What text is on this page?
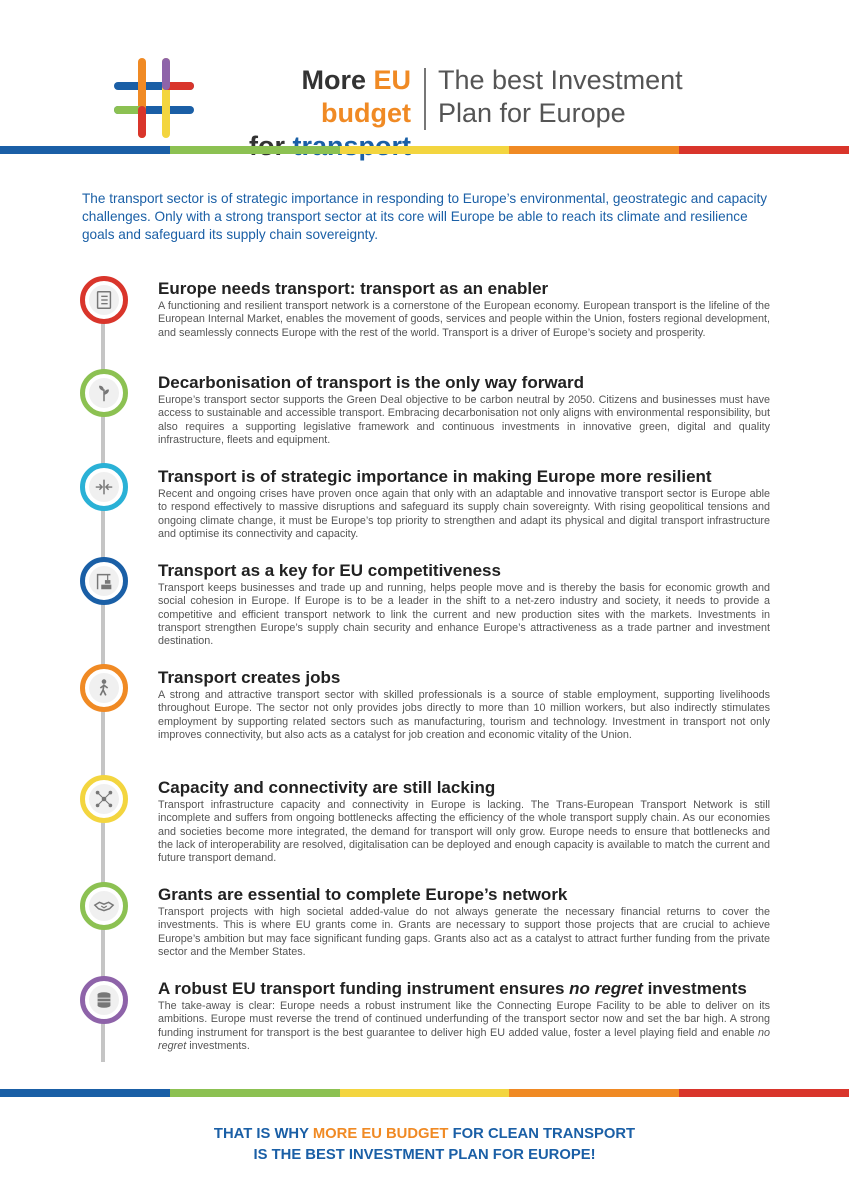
More EU budget
The best Investment
Plan for Europe

The transport sector is of strategic importance in responding to Europe’s environmental, geostrategic and capacity challenges. Only with a strong transport sector at its core will Europe be able to reach its climate and resilience goals and safeguard its supply chain sovereignty.

Europe needs transport: transport as an enabler

A functioning and resilient transport network is a cornerstone of the European economy. European transport is the lifeline of the European Internal Market, enables the movement of goods, services and people within the Union, fosters regional development, and seamlessly connects Europe with the rest of the world. Transport is a driver of Europe’s society and prosperity.

Decarbonisation of transport is the only way forward

Europe’s transport sector supports the Green Deal objective to be carbon neutral by 2050. Citizens and businesses must have access to sustainable and accessible transport. Embracing decarbonisation not only aligns with environmental responsibility, but also requires a supporting legislative framework and continuous investments in innovative green, digital and quality infrastructure, fleets and equipment.

Transport is of strategic importance in making Europe more resilient

Recent and ongoing crises have proven once again that only with an adaptable and innovative transport sector is Europe able to respond effectively to massive disruptions and safeguard its supply chain sovereignty. With rising geopolitical tensions and ongoing climate change, it must be Europe’s top priority to strengthen and adapt its physical and digital transport infrastructure and optimise its connectivity and capacity.

Transport as a key for EU competitiveness

Transport keeps businesses and trade up and running, helps people move and is thereby the basis for economic growth and social cohesion in Europe. If Europe is to be a leader in the shift to a net-zero industry and society, it needs to provide a competitive and efficient transport network to link the current and new production sites with the markets. Investments in transport strengthen Europe’s supply chain security and enhance Europe’s attractiveness as a trade partner and investment destination.

Transport creates jobs

A strong and attractive transport sector with skilled professionals is a source of stable employment, supporting livelihoods throughout Europe. The sector not only provides jobs directly to more than 10 million workers, but also indirectly stimulates employment by supporting related sectors such as manufacturing, tourism and technology. Investment in transport not only improves connectivity, but also acts as a catalyst for job creation and economic vitality of the Union.

Capacity and connectivity are still lacking

Transport infrastructure capacity and connectivity in Europe is lacking. The Trans-European Transport Network is still incomplete and suffers from ongoing bottlenecks affecting the efficiency of the whole transport supply chain. As our economies and societies become more integrated, the demand for transport will only grow. Europe needs to ensure that bottlenecks and the lack of interoperability are resolved, digitalisation can be deployed and enough capacity is available to match the current and future transport demand.

Grants are essential to complete Europe’s network

Transport projects with high societal added-value do not always generate the necessary financial returns to cover the investments. This is where EU grants come in. Grants are necessary to support those projects that are crucial to achieve Europe’s ambition but may face significant funding gaps. Grants also act as a catalyst to attract further funding from the private sector and the Member States.

A robust EU transport funding instrument ensures no regret investments

The take-away is clear: Europe needs a robust instrument like the Connecting Europe Facility to be able to deliver on its ambitions. Europe must reverse the trend of continued underfunding of the transport sector now and set the bar high. A strong funding instrument for transport is the best guarantee to deliver high EU added value, foster a level playing field and enable no regret investments.

THAT IS WHY MORE EU BUDGET FOR CLEAN TRANSPORT
IS THE BEST INVESTMENT PLAN FOR EUROPE!
